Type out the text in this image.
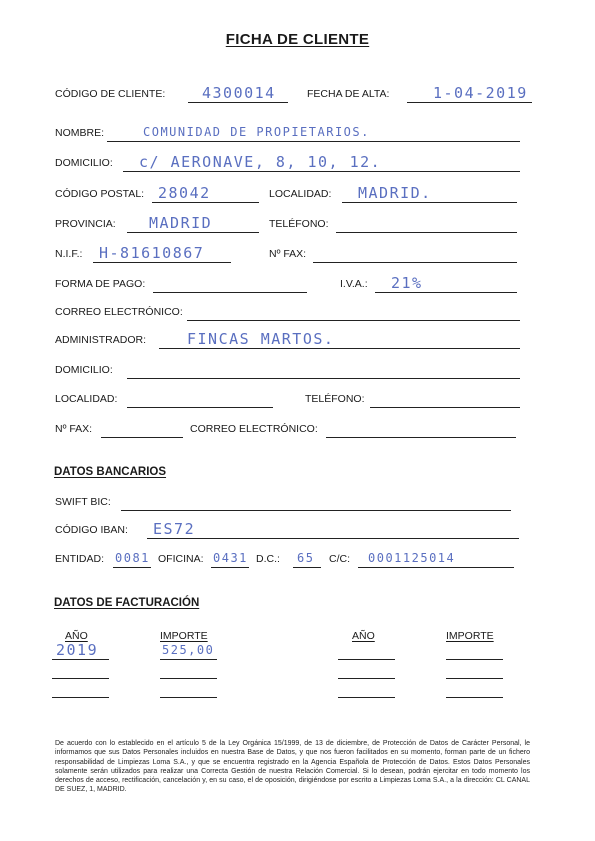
FICHA DE CLIENTE
CÓDIGO DE CLIENTE: 4300014	FECHA DE ALTA:	1-04-2019
NOMBRE:	COMUNIDAD DE PROPIETARIOS.
DOMICILIO: c/ AERONAVE, 8, 10, 12.
CÓDIGO POSTAL: 28042	LOCALIDAD: MADRID.
PROVINCIA: MADRID	TELÉFONO:
N.I.F.: H-81610867	Nº FAX:
FORMA DE PAGO:	I.V.A.: 21%
CORREO ELECTRÓNICO:
ADMINISTRADOR:	FINCAS MARTOS.
DOMICILIO:
LOCALIDAD:	TELÉFONO:
Nº FAX:	CORREO ELECTRÓNICO:
DATOS BANCARIOS
SWIFT BIC:
CÓDIGO IBAN: ES72
ENTIDAD: 0081 OFICINA: 0431 D.C.: 65 C/C: 0001125014
DATOS DE FACTURACIÓN
AÑO	IMPORTE	AÑO	IMPORTE
2019	525,00
De acuerdo con lo establecido en el artículo 5 de la Ley Orgánica 15/1999, de 13 de diciembre, de Protección de Datos de Carácter Personal, le informamos que sus Datos Personales incluidos en nuestra Base de Datos, y que nos fueron facilitados en su momento, forman parte de un fichero responsabilidad de Limpiezas Loma S.A., y que se encuentra registrado en la Agencia Española de Protección de Datos. Estos Datos Personales solamente serán utilizados para realizar una Correcta Gestión de nuestra Relación Comercial. Si lo desean, podrán ejercitar en todo momento los derechos de acceso, rectificación, cancelación y, en su caso, el de oposición, dirigiéndose por escrito a Limpiezas Loma S.A., a la dirección: CL CANAL DE SUEZ, 1, MADRID.
